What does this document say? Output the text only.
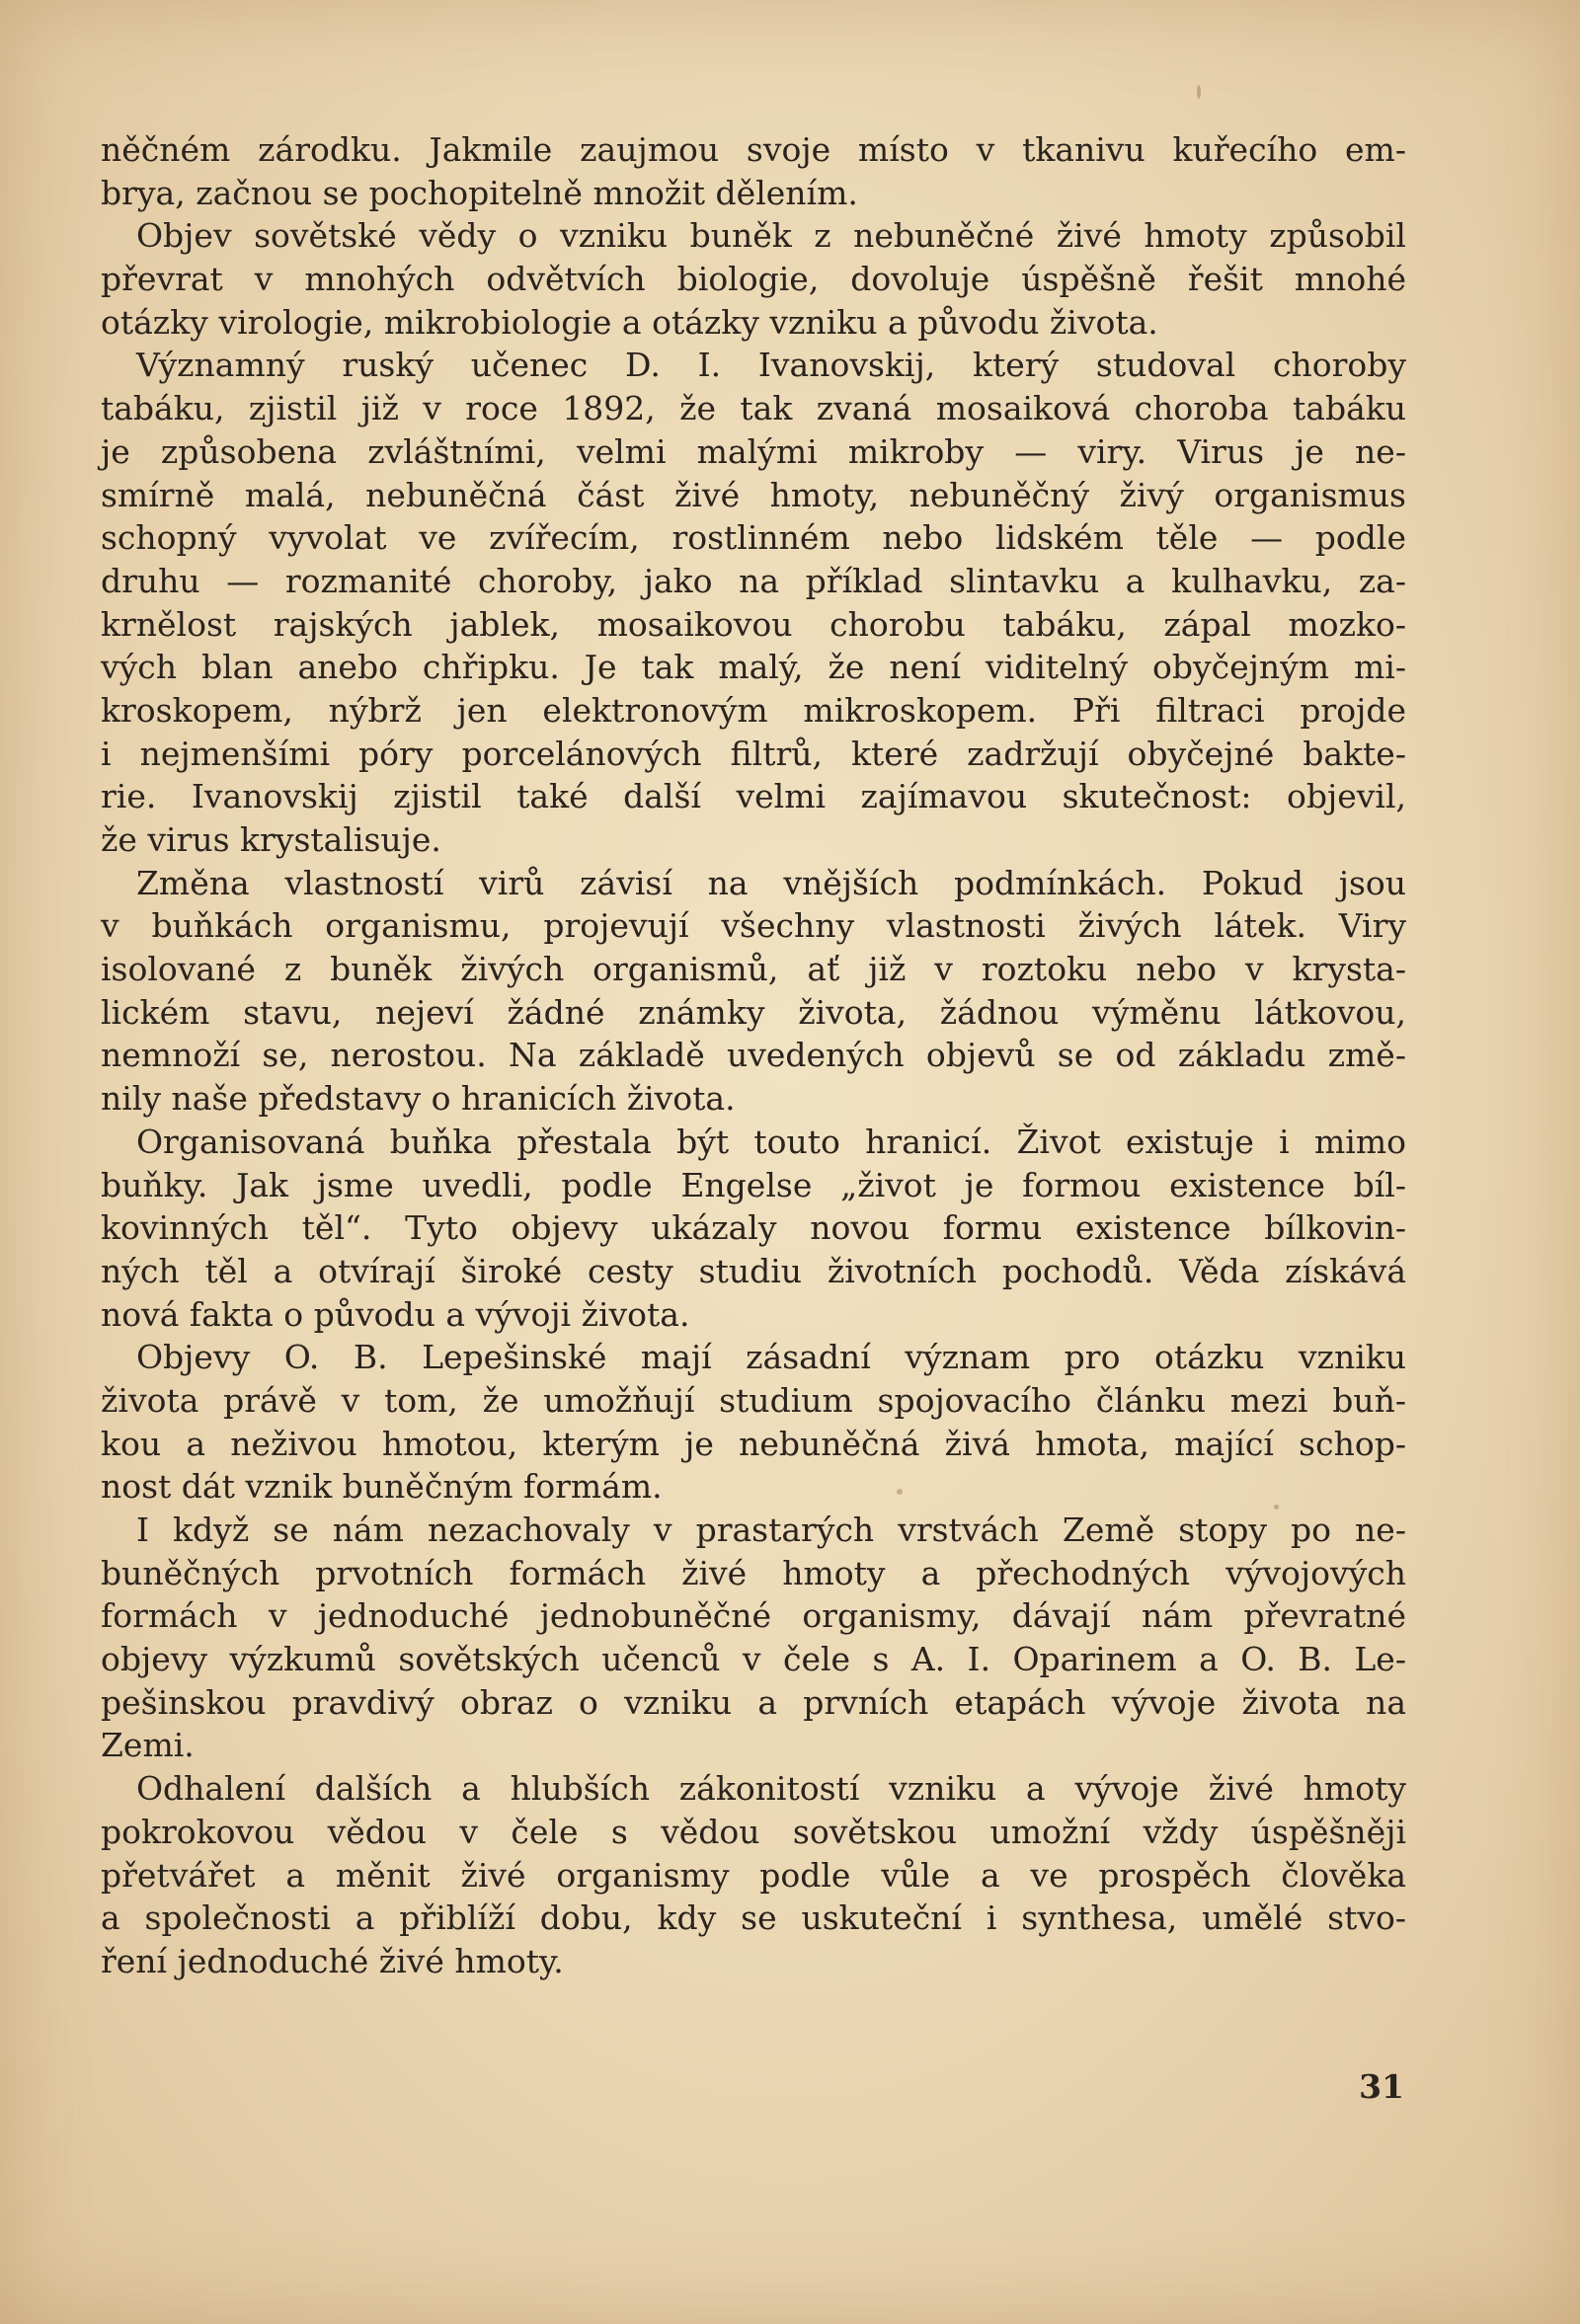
něčném zárodku. Jakmile zaujmou svoje místo v tkanivu kuřecího em-
brya, začnou se pochopitelně množit dělením.
Objev sovětské vědy o vzniku buněk z nebuněčné živé hmoty způsobil
převrat v mnohých odvětvích biologie, dovoluje úspěšně řešit mnohé
otázky virologie, mikrobiologie a otázky vzniku a původu života.
Významný ruský učenec D. I. Ivanovskij, který studoval choroby
tabáku, zjistil již v roce 1892, že tak zvaná mosaiková choroba tabáku
je způsobena zvláštními, velmi malými mikroby — viry. Virus je ne-
smírně malá, nebuněčná část živé hmoty, nebuněčný živý organismus
schopný vyvolat ve zvířecím, rostlinném nebo lidském těle — podle
druhu — rozmanité choroby, jako na příklad slintavku a kulhavku, za-
krnělost rajských jablek, mosaikovou chorobu tabáku, zápal mozko-
vých blan anebo chřipku. Je tak malý, že není viditelný obyčejným mi-
kroskopem, nýbrž jen elektronovým mikroskopem. Při filtraci projde
i nejmenšími póry porcelánových filtrů, které zadržují obyčejné bakte-
rie. Ivanovskij zjistil také další velmi zajímavou skutečnost: objevil,
že virus krystalisuje.
Změna vlastností virů závisí na vnějších podmínkách. Pokud jsou
v buňkách organismu, projevují všechny vlastnosti živých látek. Viry
isolované z buněk živých organismů, ať již v roztoku nebo v krysta-
lickém stavu, nejeví žádné známky života, žádnou výměnu látkovou,
nemnoží se, nerostou. Na základě uvedených objevů se od základu změ-
nily naše představy o hranicích života.
Organisovaná buňka přestala být touto hranicí. Život existuje i mimo
buňky. Jak jsme uvedli, podle Engelse „život je formou existence bíl-
kovinných těl“. Tyto objevy ukázaly novou formu existence bílkovin-
ných těl a otvírají široké cesty studiu životních pochodů. Věda získává
nová fakta o původu a vývoji života.
Objevy O. B. Lepešinské mají zásadní význam pro otázku vzniku
života právě v tom, že umožňují studium spojovacího článku mezi buň-
kou a neživou hmotou, kterým je nebuněčná živá hmota, mající schop-
nost dát vznik buněčným formám.
I když se nám nezachovaly v prastarých vrstvách Země stopy po ne-
buněčných prvotních formách živé hmoty a přechodných vývojových
formách v jednoduché jednobuněčné organismy, dávají nám převratné
objevy výzkumů sovětských učenců v čele s A. I. Oparinem a O. B. Le-
pešinskou pravdivý obraz o vzniku a prvních etapách vývoje života na
Zemi.
Odhalení dalších a hlubších zákonitostí vzniku a vývoje živé hmoty
pokrokovou vědou v čele s vědou sovětskou umožní vždy úspěšněji
přetvářet a měnit živé organismy podle vůle a ve prospěch člověka
a společnosti a přiblíží dobu, kdy se uskuteční i synthesa, umělé stvo-
ření jednoduché živé hmoty.
31
